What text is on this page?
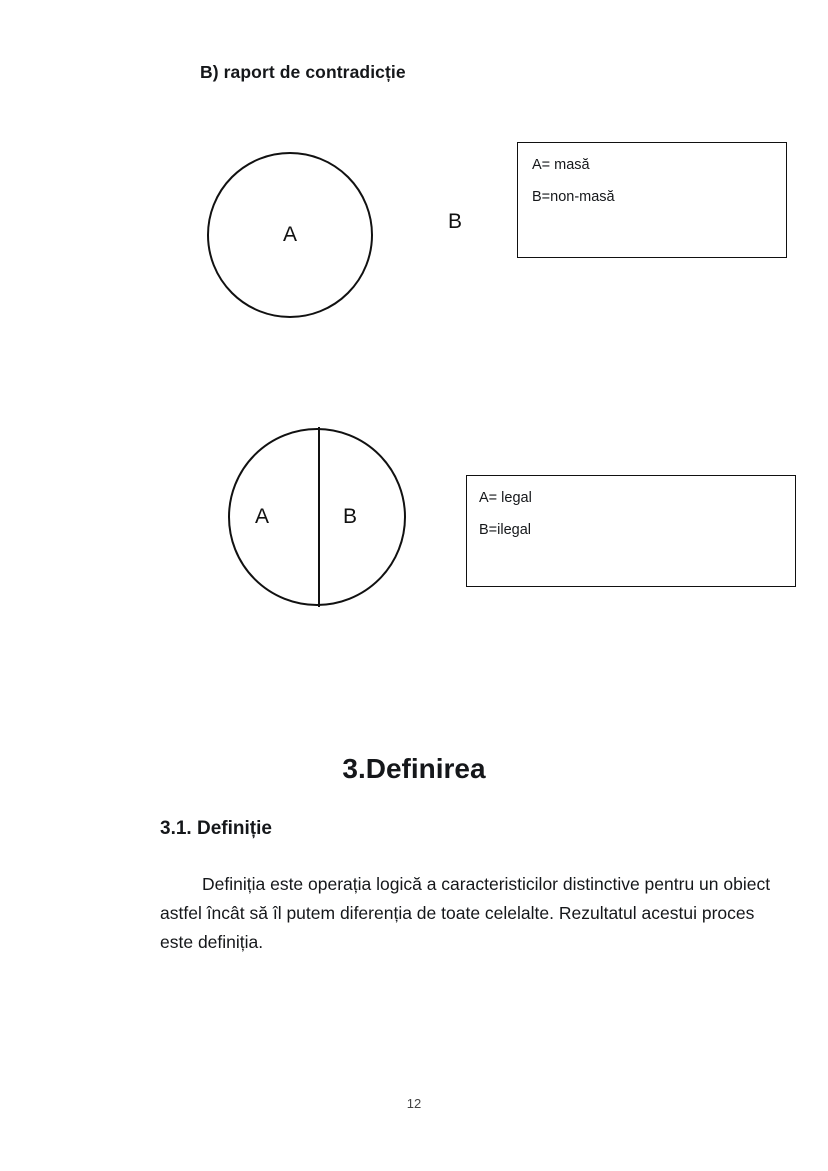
B) raport de contradicție
A
B
A= masă
B=non-masă
A	B
A= legal
B=ilegal
3.Definirea
3.1. Definiție
Definiția este operația logică a caracteristicilor distinctive pentru un obiect astfel încât să îl putem diferenția de toate celelalte. Rezultatul acestui proces este definiția.
12
